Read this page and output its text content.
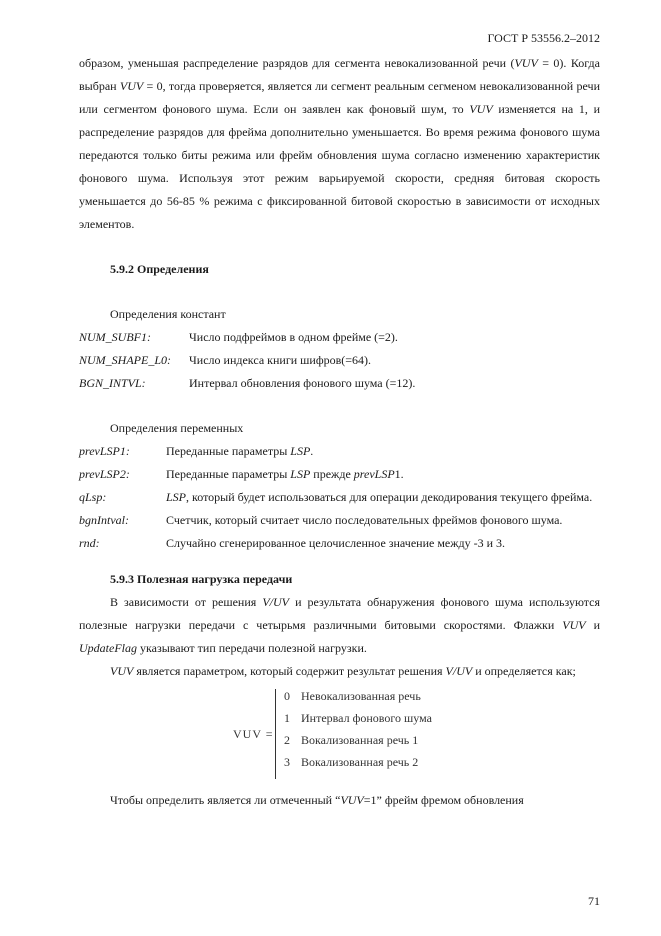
ГОСТ Р 53556.2–2012

образом, уменьшая распределение разрядов для сегмента невокализованной речи (VUV = 0). Когда выбран VUV = 0, тогда проверяется, является ли сегмент реальным сегменом невокализованной речи или сегментом фонового шума. Если он заявлен как фоновый шум, то VUV изменяется на 1, и распределение разрядов для фрейма дополнительно уменьшается. Во время режима фонового шума передаются только биты режима или фрейм обновления шума согласно изменению характеристик фонового шума. Используя этот режим варьируемой скорости, средняя битовая скорость уменьшается до 56-85 % режима с фиксированной битовой скоростью в зависимости от исходных элементов.

5.9.2 Определения

Определения констант

NUM_SUBF1:	Число подфреймов в одном фрейме (=2).

NUM_SHAPE_L0:	Число индекса книги шифров(=64).

BGN_INTVL:	Интервал обновления фонового шума (=12).

Определения переменных

prevLSP1:	Переданные параметры LSP.

prevLSP2:	Переданные параметры LSP прежде prevLSP1.

qLsp:	LSP, который будет использоваться для операции декодирования текущего фрейма.

bgnIntval:	Счетчик, который считает число последовательных фреймов фонового шума.

rnd:	Случайно сгенерированное целочисленное значение между -3 и 3.

5.9.3 Полезная нагрузка передачи

В зависимости от решения V/UV и результата обнаружения фонового шума используются полезные нагрузки передачи с четырьмя различными битовыми скоростями. Флажки VUV и UpdateFlag указывают тип передачи полезной нагрузки.

VUV является параметром, который содержит результат решения V/UV и определяется как;

VUV =
0 Невокализованная речь
1 Интервал фонового шума
2 Вокализованная речь 1
3 Вокализованная речь 2

Чтобы определить является ли отмеченный “VUV=1” фрейм фремом обновления

71
